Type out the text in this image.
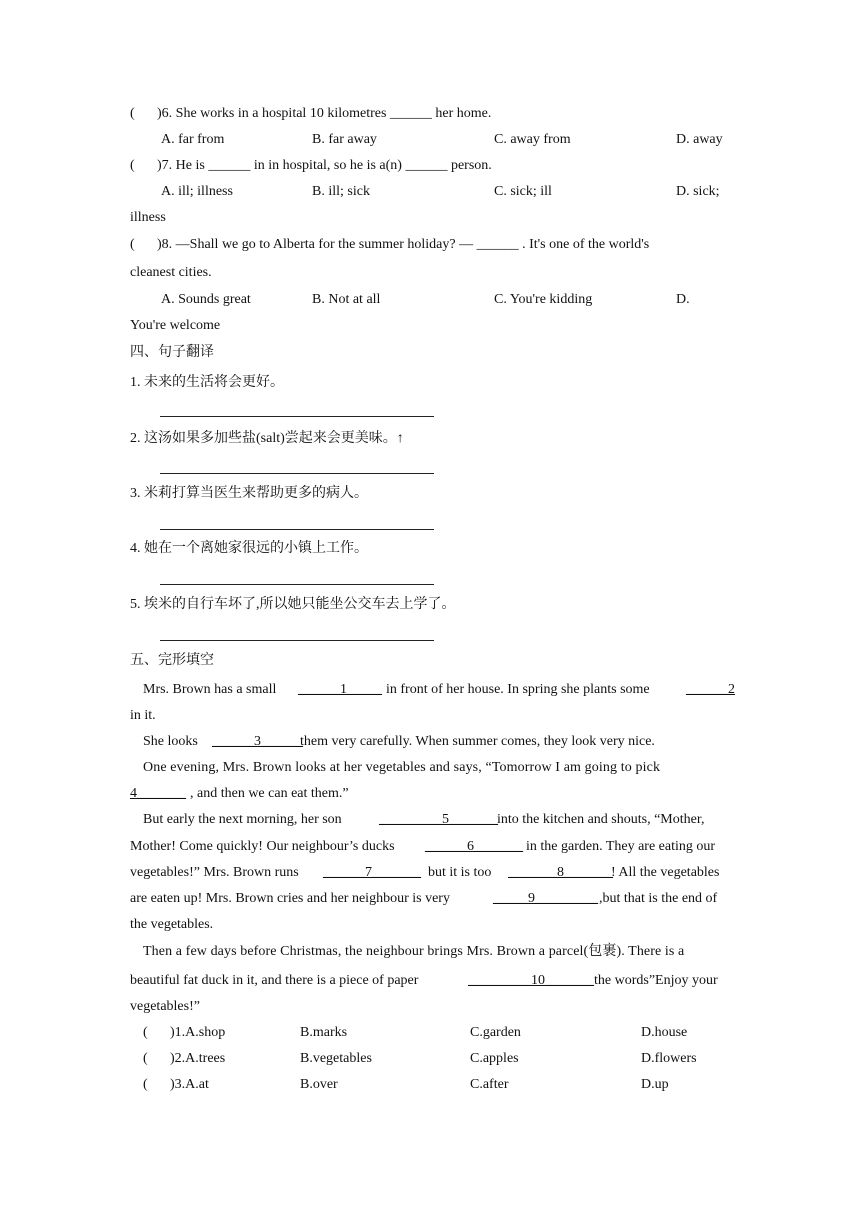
( )6. She works in a hospital 10 kilometres ______ her home.
A. far from	B. far away	C. away from	D. away
( )7. He is ______ in in hospital, so he is a(n) ______ person.
A. ill; illness	B. ill; sick	C. sick; ill	D. sick;
illness
( )8. —Shall we go to Alberta for the summer holiday? — ______ . It's one of the world's
cleanest cities.
A. Sounds great	B. Not at all	C. You're kidding	D.
You're welcome
四、句子翻译
1. 未来的生活将会更好。
2. 这汤如果多加些盐(salt)尝起来会更美味。↑
3. 米莉打算当医生来帮助更多的病人。
4. 她在一个离她家很远的小镇上工作。
5. 埃米的自行车坏了,所以她只能坐公交车去上学了。
五、完形填空
Mrs. Brown has a small ______1_____ in front of her house. In spring she plants some	______2
in it.
She looks ______3______
them very carefully. When summer comes, they look very nice.
One evening, Mrs. Brown looks at her vegetables and says, “Tomorrow I am going to pick
4_______ , and then we can eat them.”
But early the next morning, her son	_________5_______ into the kitchen and shouts, “Mother,
Mother! Come quickly! Our neighbour’s ducks ______6_______ in the garden. They are eating our
vegetables!” Mrs. Brown runs ______7_______ but it is too _______8_______
! All the vegetables
are eaten up! Mrs. Brown cries and her neighbour is very	_____9_________ ,but that is the end of
the vegetables.
Then a few days before Christmas, the neighbour brings Mrs. Brown a parcel(包裹). There is a
beautiful fat duck in it, and there is a piece of paper	_________10_______ the words”Enjoy your
vegetables!”
( )1.A.shop	B.marks	C.garden	D.house
( )2.A.trees	B.vegetables	C.apples	D.flowers
( )3.A.at	B.over	C.after	D.up
